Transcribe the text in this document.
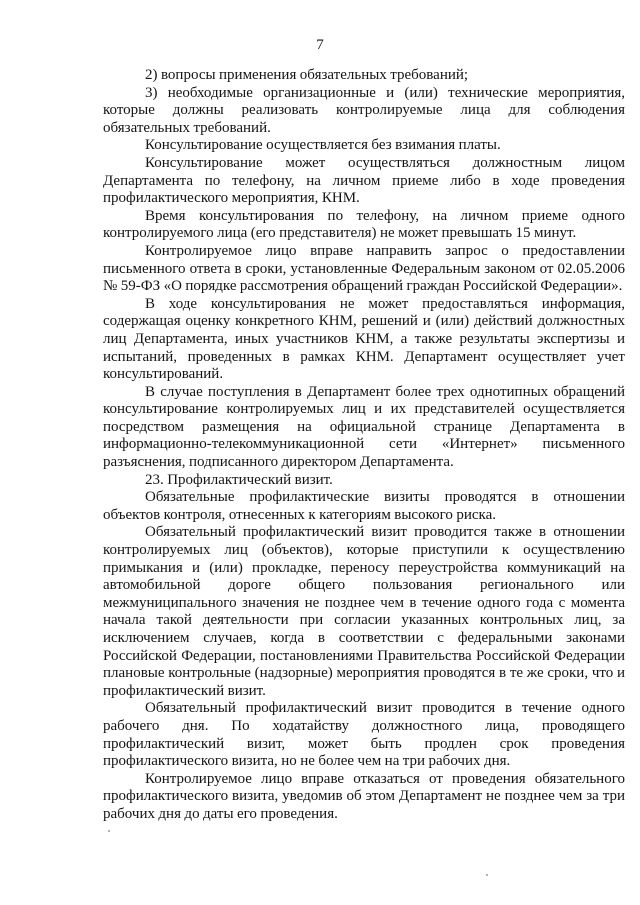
7

2) вопросы применения обязательных требований;

3) необходимые организационные и (или) технические мероприятия, которые должны реализовать контролируемые лица для соблюдения обязательных требований.

Консультирование осуществляется без взимания платы.

Консультирование может осуществляться должностным лицом Департамента по телефону, на личном приеме либо в ходе проведения профилактического мероприятия, КНМ.

Время консультирования по телефону, на личном приеме одного контролируемого лица (его представителя) не может превышать 15 минут.

Контролируемое лицо вправе направить запрос о предоставлении письменного ответа в сроки, установленные Федеральным законом от 02.05.2006 № 59-ФЗ «О порядке рассмотрения обращений граждан Российской Федерации».

В ходе консультирования не может предоставляться информация, содержащая оценку конкретного КНМ, решений и (или) действий должностных лиц Департамента, иных участников КНМ, а также результаты экспертизы и испытаний, проведенных в рамках КНМ. Департамент осуществляет учет консультирований.

В случае поступления в Департамент более трех однотипных обращений консультирование контролируемых лиц и их представителей осуществляется посредством размещения на официальной странице Департамента в информационно-телекоммуникационной сети «Интернет» письменного разъяснения, подписанного директором Департамента.

23. Профилактический визит.

Обязательные профилактические визиты проводятся в отношении объектов контроля, отнесенных к категориям высокого риска.

Обязательный профилактический визит проводится также в отношении контролируемых лиц (объектов), которые приступили к осуществлению примыкания и (или) прокладке, переносу переустройства коммуникаций на автомобильной дороге общего пользования регионального или межмуниципального значения не позднее чем в течение одного года с момента начала такой деятельности при согласии указанных контрольных лиц, за исключением случаев, когда в соответствии с федеральными законами Российской Федерации, постановлениями Правительства Российской Федерации плановые контрольные (надзорные) мероприятия проводятся в те же сроки, что и профилактический визит.

Обязательный профилактический визит проводится в течение одного рабочего дня. По ходатайству должностного лица, проводящего профилактический визит, может быть продлен срок проведения профилактического визита, но не более чем на три рабочих дня.

Контролируемое лицо вправе отказаться от проведения обязательного профилактического визита, уведомив об этом Департамент не позднее чем за три рабочих дня до даты его проведения.
